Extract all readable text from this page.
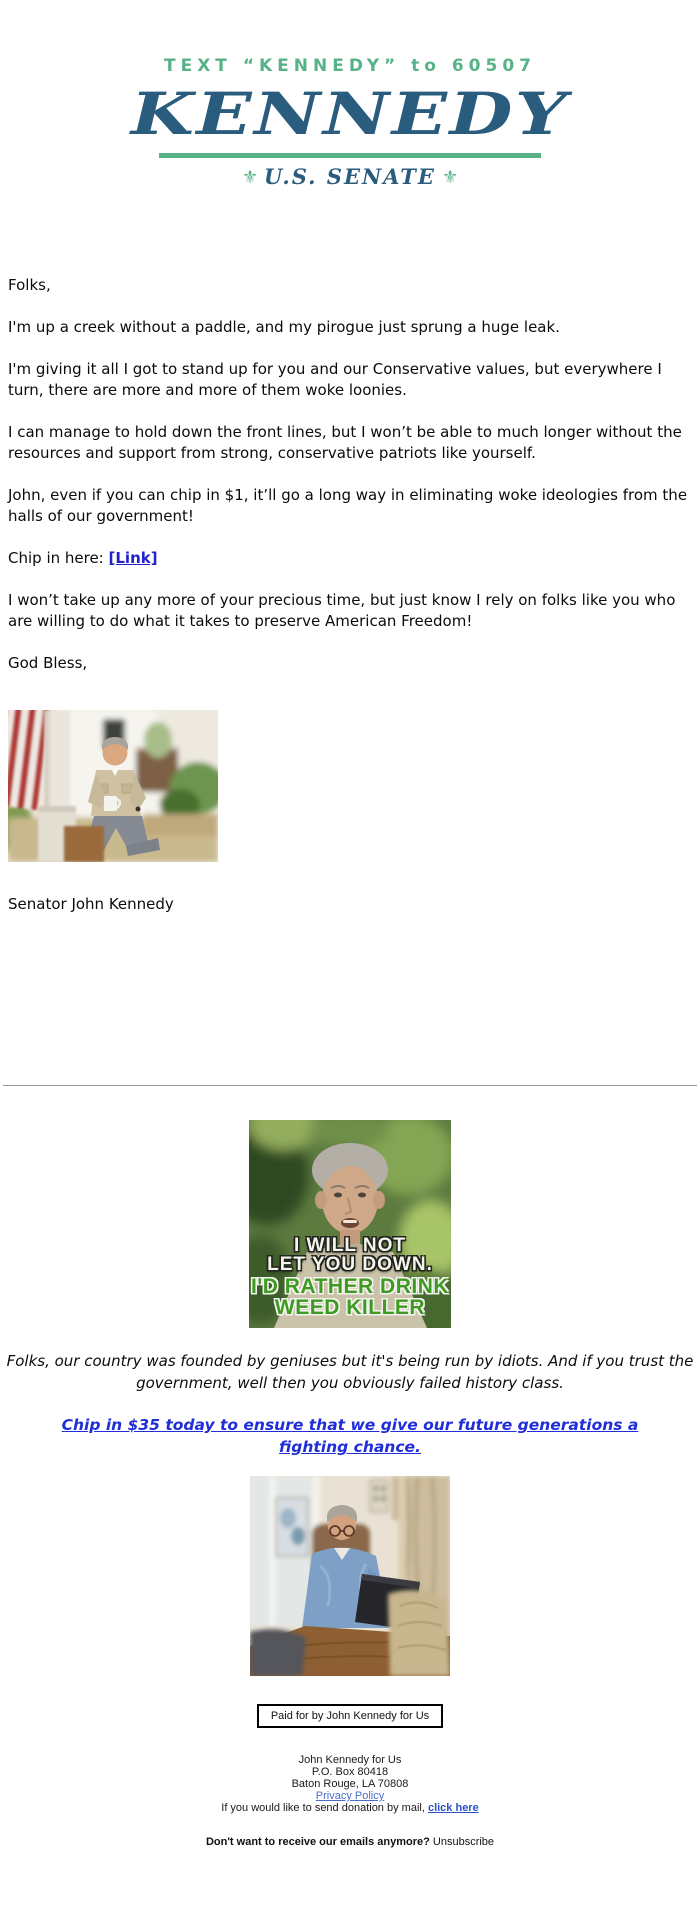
TEXT “KENNEDY” to 60507
KENNEDY
⚜ U.S. SENATE ⚜

Folks,

I'm up a creek without a paddle, and my pirogue just sprung a huge leak.

I'm giving it all I got to stand up for you and our Conservative values, but everywhere I turn, there are more and more of them woke loonies.

I can manage to hold down the front lines, but I won’t be able to much longer without the resources and support from strong, conservative patriots like yourself.

John, even if you can chip in $1, it’ll go a long way in eliminating woke ideologies from the halls of our government!

Chip in here: [Link]

I won’t take up any more of your precious time, but just know I rely on folks like you who are willing to do what it takes to preserve American Freedom!

God Bless,

Senator John Kennedy
I WILL NOT
LET YOU DOWN.
I'D RATHER DRINK
WEED KILLER
Folks, our country was founded by geniuses but it's being run by idiots. And if you trust the government, well then you obviously failed history class.
Chip in $35 today to ensure that we give our future generations a fighting chance.
Paid for by John Kennedy for Us
John Kennedy for Us
P.O. Box 80418
Baton Rouge, LA 70808
Privacy Policy
If you would like to send donation by mail, click here
Don't want to receive our emails anymore? Unsubscribe
